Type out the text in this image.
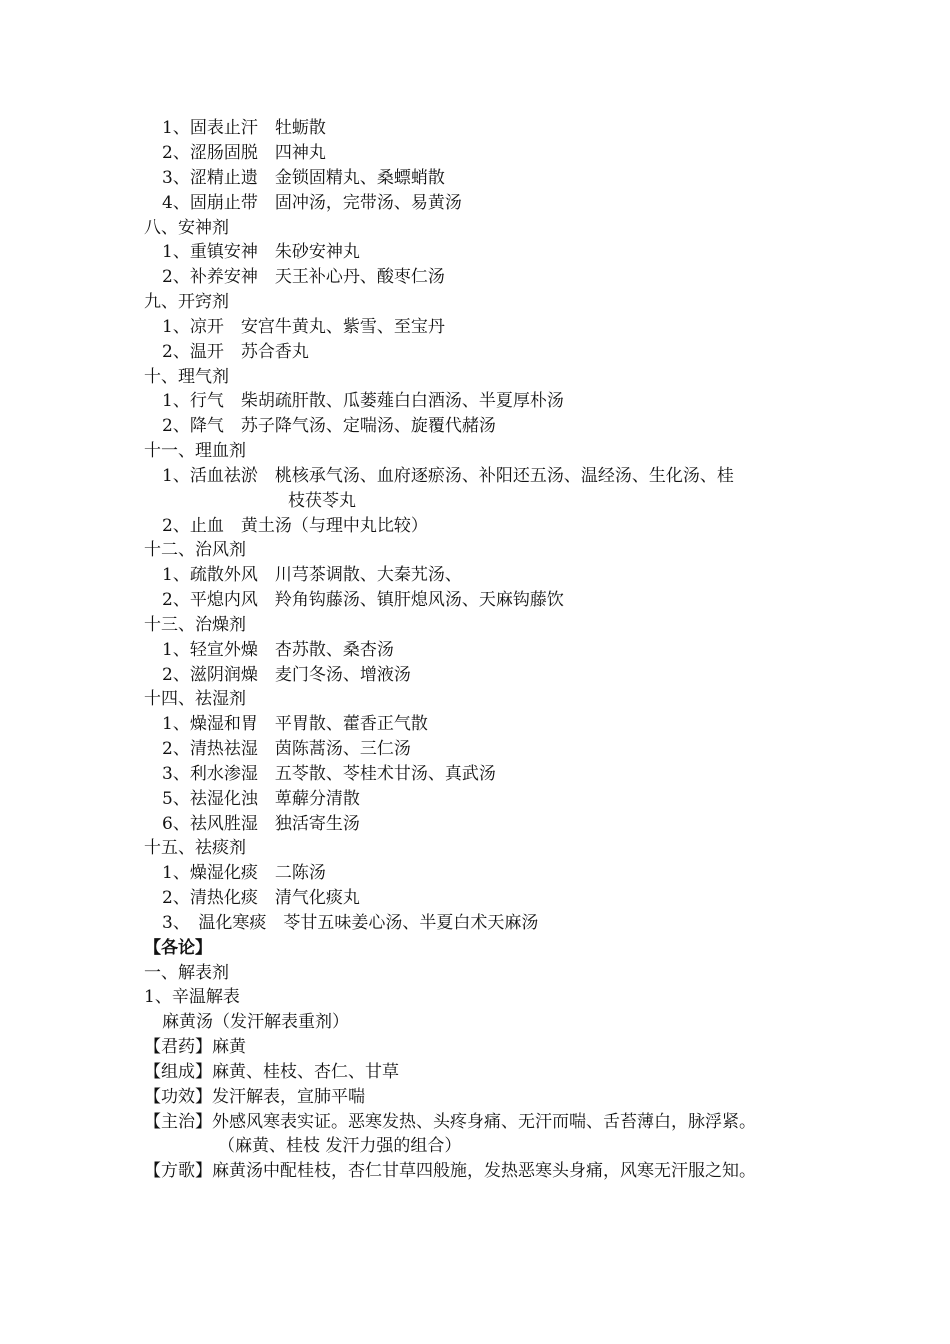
1、固表止汗　牡蛎散
2、涩肠固脱　四神丸
3、涩精止遗　金锁固精丸、桑螵蛸散
4、固崩止带　固冲汤，完带汤、易黄汤
八、安神剂
1、重镇安神　朱砂安神丸
2、补养安神　天王补心丹、酸枣仁汤
九、开窍剂
1、凉开　安宫牛黄丸、紫雪、至宝丹
2、温开　苏合香丸
十、理气剂
1、行气　柴胡疏肝散、瓜蒌薤白白酒汤、半夏厚朴汤
2、降气　苏子降气汤、定喘汤、旋覆代赭汤
十一、理血剂
1、活血祛淤　桃核承气汤、血府逐瘀汤、补阳还五汤、温经汤、生化汤、桂
枝茯苓丸
2、止血　黄土汤（与理中丸比较）
十二、治风剂
1、疏散外风　川芎茶调散、大秦艽汤、
2、平熄内风　羚角钩藤汤、镇肝熄风汤、天麻钩藤饮
十三、治燥剂
1、轻宣外燥　杏苏散、桑杏汤
2、滋阴润燥　麦门冬汤、增液汤
十四、祛湿剂
1、燥湿和胃　平胃散、藿香正气散
2、清热祛湿　茵陈蒿汤、三仁汤
3、利水渗湿　五苓散、苓桂术甘汤、真武汤
5、祛湿化浊　萆薢分清散
6、祛风胜湿　独活寄生汤
十五、祛痰剂
1、燥湿化痰　二陈汤
2、清热化痰　清气化痰丸
3、　温化寒痰　苓甘五味姜心汤、半夏白术天麻汤
【各论】
一、解表剂
1、辛温解表
麻黄汤（发汗解表重剂）
【君药】麻黄
【组成】麻黄、桂枝、杏仁、甘草
【功效】发汗解表，宣肺平喘
【主治】外感风寒表实证。恶寒发热、头疼身痛、无汗而喘、舌苔薄白，脉浮紧。
（麻黄、桂枝 发汗力强的组合）
【方歌】麻黄汤中配桂枝，杏仁甘草四般施，发热恶寒头身痛，风寒无汗服之知。
